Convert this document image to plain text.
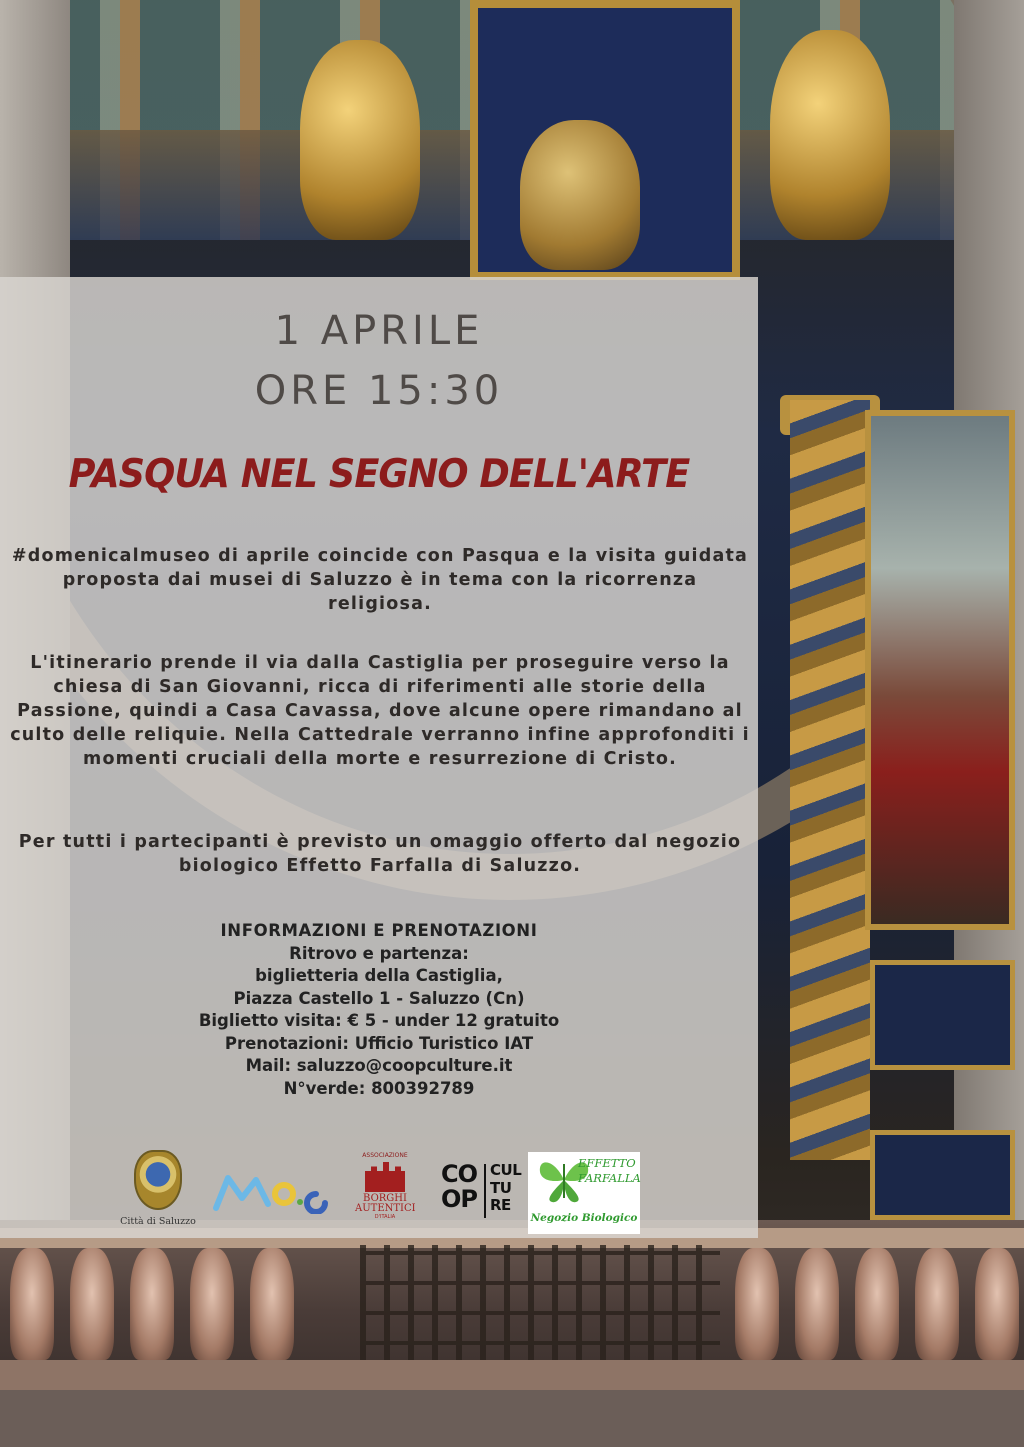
1 APRILE
ORE 15:30
PASQUA NEL SEGNO DELL'ARTE

#domenicalmuseo di aprile coincide con Pasqua e la visita guidata proposta dai musei di Saluzzo è in tema con la ricorrenza religiosa.

L'itinerario prende il via dalla Castiglia per proseguire verso la chiesa di San Giovanni, ricca di riferimenti alle storie della Passione, quindi a Casa Cavassa, dove alcune opere rimandano al culto delle reliquie. Nella Cattedrale verranno infine approfonditi i momenti cruciali della morte e resurrezione di Cristo.

Per tutti i partecipanti è previsto un omaggio offerto dal negozio biologico Effetto Farfalla di Saluzzo.

INFORMAZIONI E PRENOTAZIONI
Ritrovo e partenza:
biglietteria della Castiglia,
Piazza Castello 1 - Saluzzo (Cn)
Biglietto visita: € 5 - under 12 gratuito
Prenotazioni: Ufficio Turistico IAT
Mail: saluzzo@coopculture.it
N°verde: 800392789
Città di Saluzzo
ASSOCIAZIONE
BORGHI
AUTENTICI
D'ITALIA
CO
OP
CUL
TU
RE
EFFETTO
FARFALLA
Negozio Biologico
